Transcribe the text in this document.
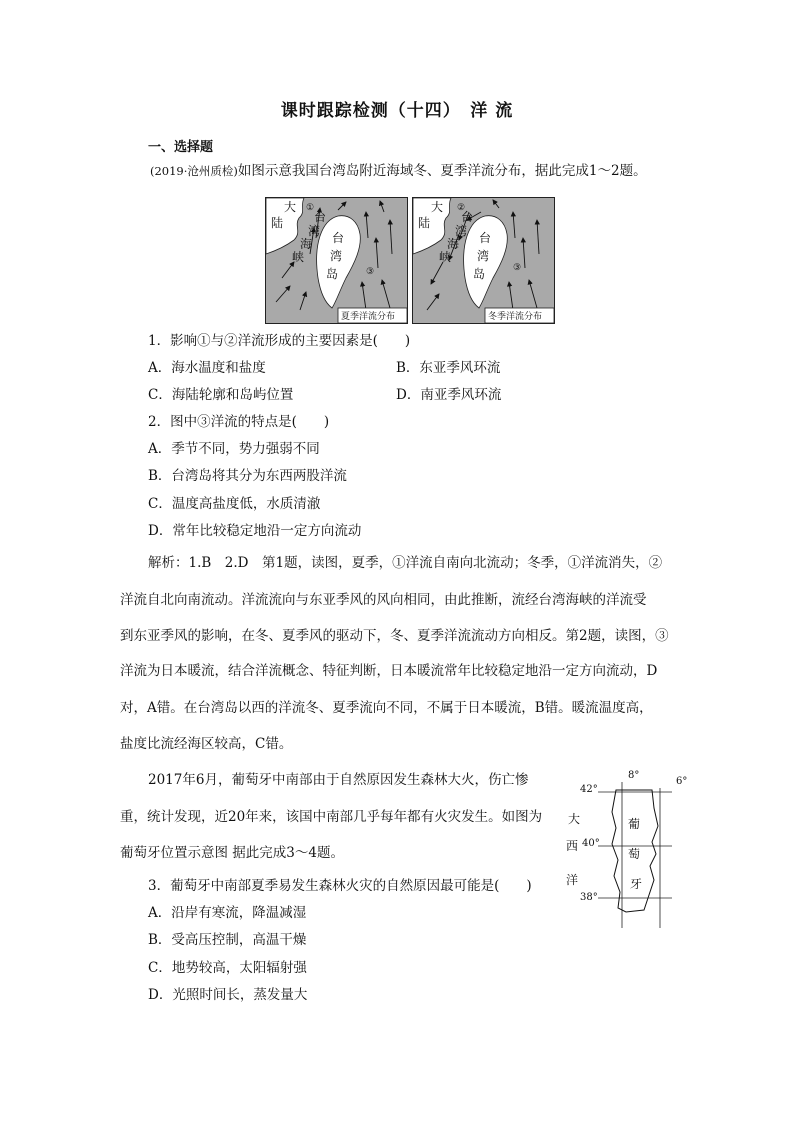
课时跟踪检测（十四）　洋 流
一、选择题
(2019·沧州质检)如图示意我国台湾岛附近海域冬、夏季洋流分布，据此完成1～2题。
大
陆
①
台
湾
海
峡
台
湾
岛	③
夏季洋流分布
大
陆
②
台
湾
海
峡
台
湾
岛	③
冬季洋流分布
1．影响①与②洋流形成的主要因素是(　　)
A．海水温度和盐度	B．东亚季风环流
C．海陆轮廓和岛屿位置	D．南亚季风环流
2．图中③洋流的特点是(　　)
A．季节不同，势力强弱不同
B．台湾岛将其分为东西两股洋流
C．温度高盐度低，水质清澈
D．常年比较稳定地沿一定方向流动
解析：1.B　2.D　第1题，读图，夏季，①洋流自南向北流动；冬季，①洋流消失，②
洋流自北向南流动。洋流流向与东亚季风的风向相同，由此推断，流经台湾海峡的洋流受
到东亚季风的影响，在冬、夏季风的驱动下，冬、夏季洋流流动方向相反。第2题，读图，③
洋流为日本暖流，结合洋流概念、特征判断，日本暖流常年比较稳定地沿一定方向流动，D
对，A错。在台湾岛以西的洋流冬、夏季流向不同，不属于日本暖流，B错。暖流温度高，
盐度比流经海区较高，C错。
2017年6月，葡萄牙中南部由于自然原因发生森林大火，伤亡惨
重，统计发现，近20年来，该国中南部几乎每年都有火灾发生。如图为
葡萄牙位置示意图 据此完成3～4题。
8°
6°
42°
40°
38°
大
西
洋
葡
萄
牙
3．葡萄牙中南部夏季易发生森林火灾的自然原因最可能是(　　)
A．沿岸有寒流，降温减湿
B．受高压控制，高温干燥
C．地势较高，太阳辐射强
D．光照时间长，蒸发量大
